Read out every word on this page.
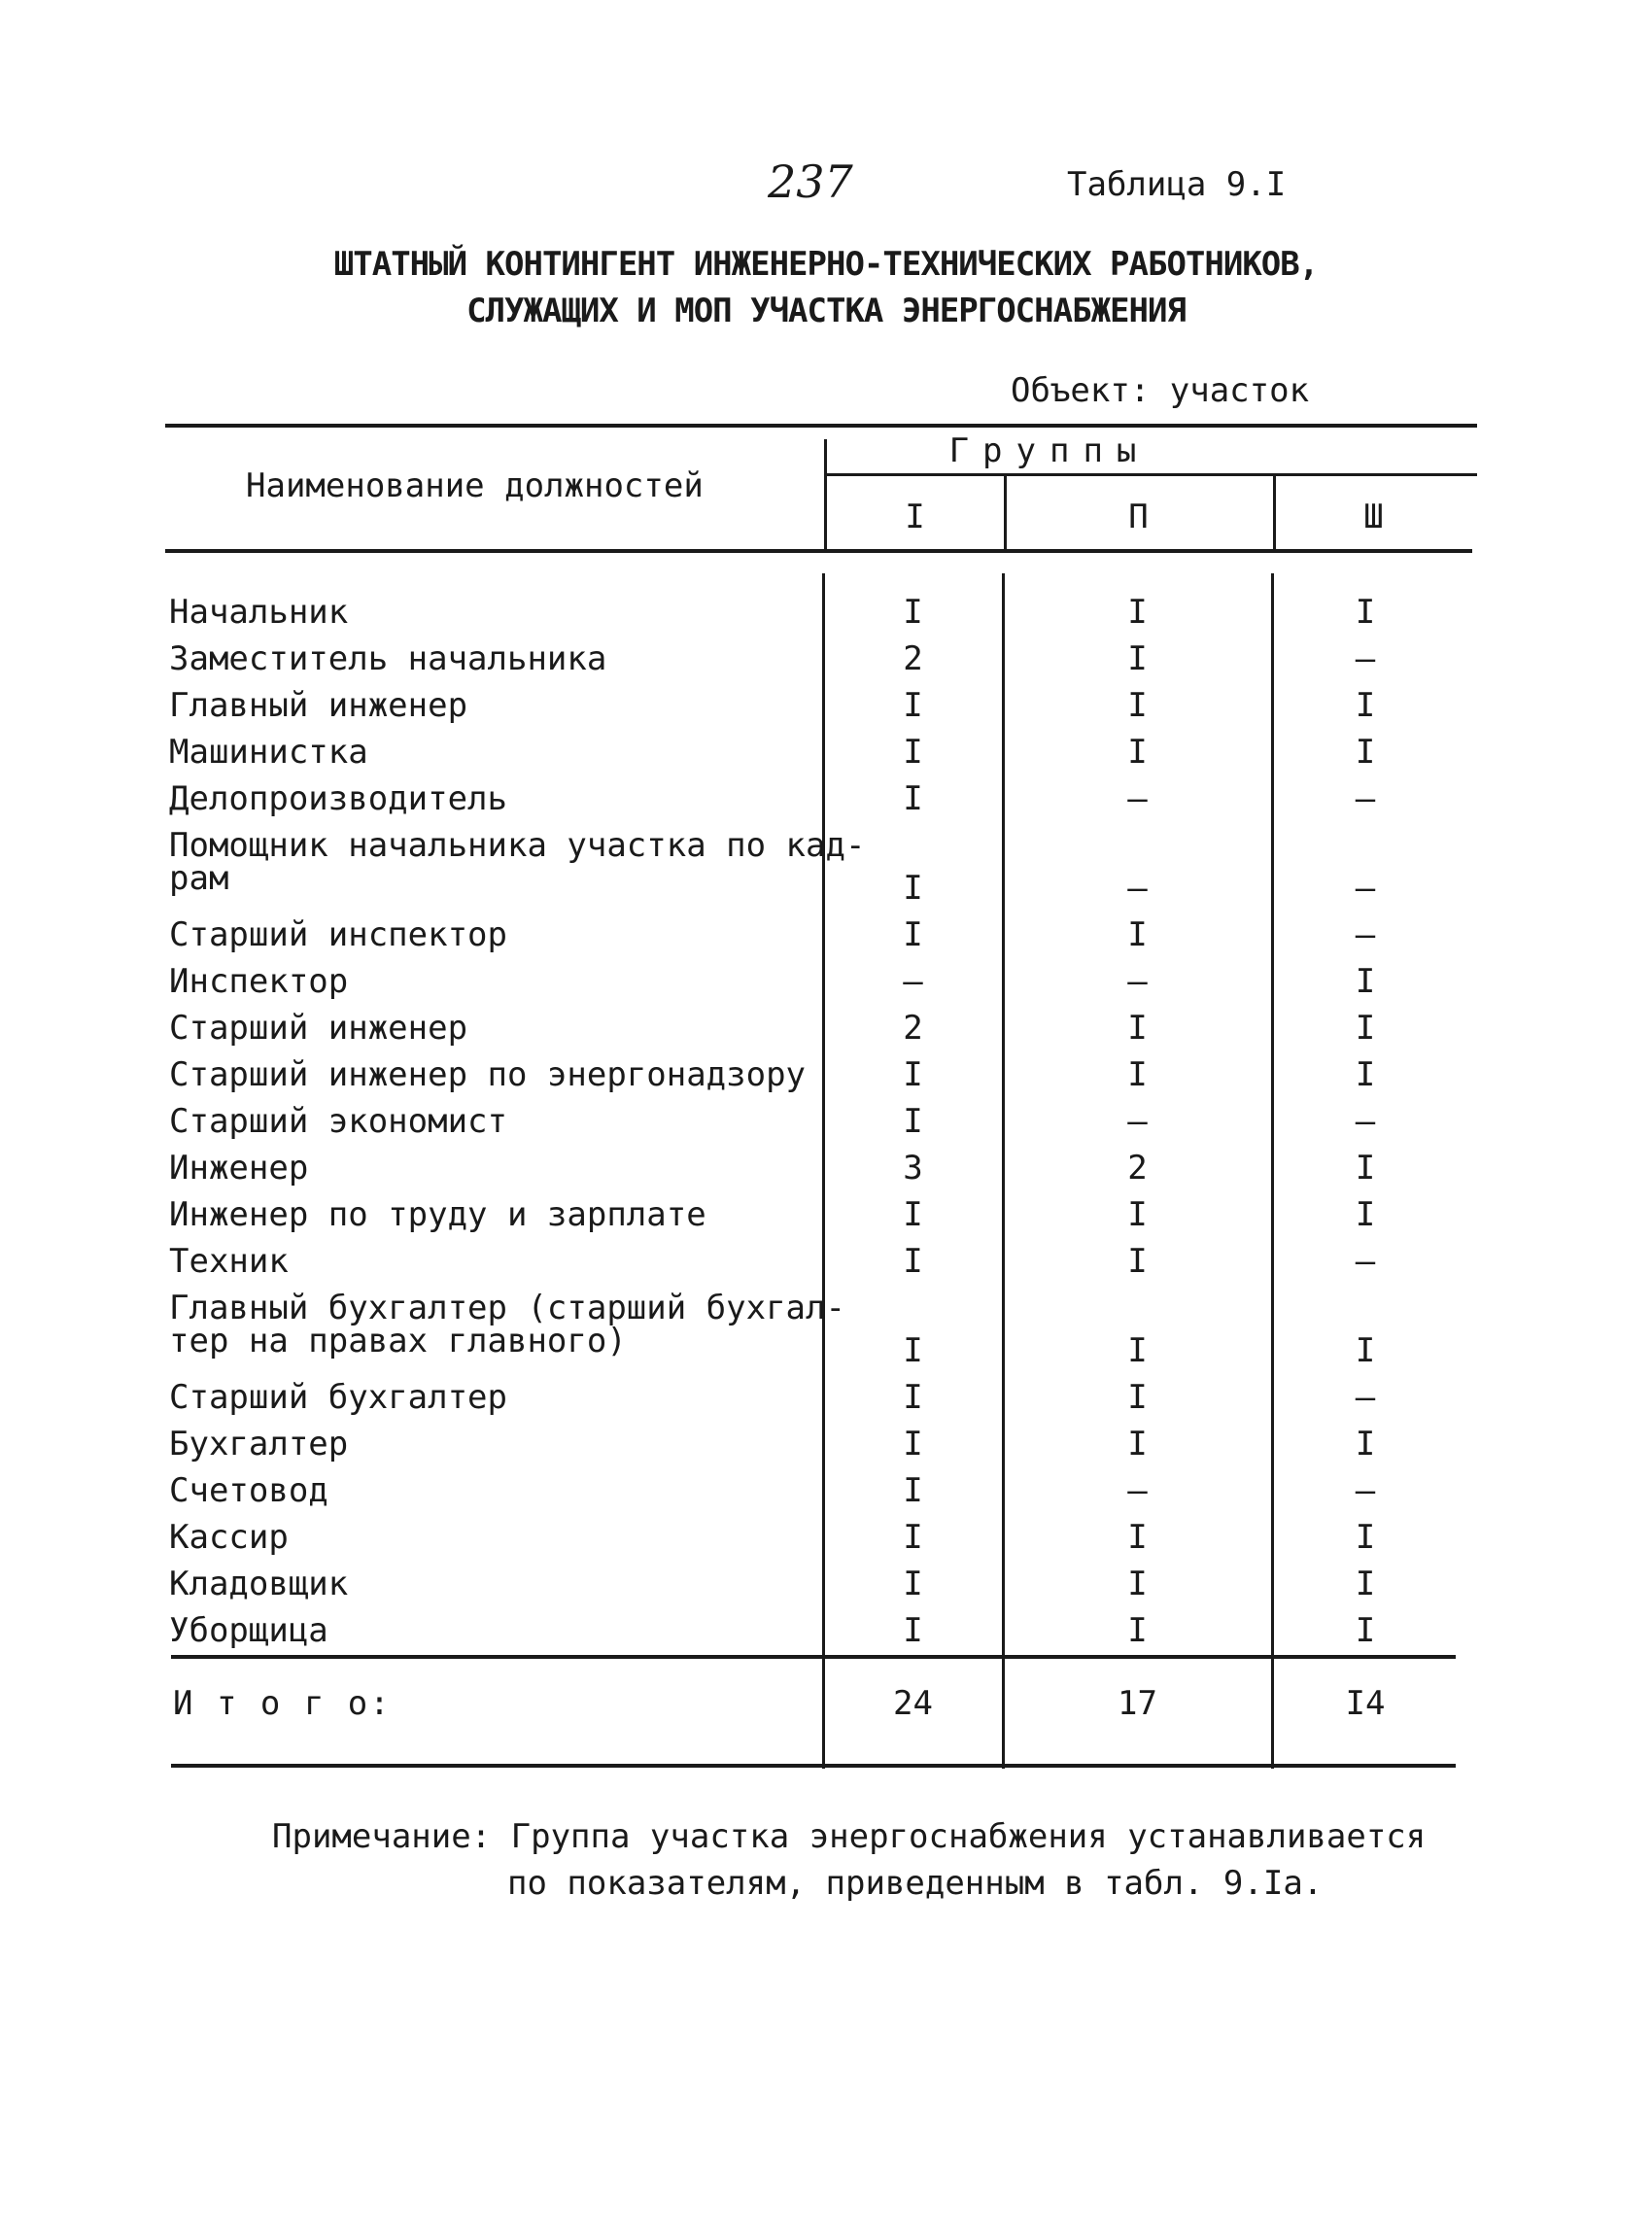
237	Таблица 9.I
ШТАТНЫЙ КОНТИНГЕНТ ИНЖЕНЕРНО-ТЕХНИЧЕСКИХ РАБОТНИКОВ,
СЛУЖАЩИХ И МОП УЧАСТКА ЭНЕРГОСНАБЖЕНИЯ
Объект: участок
Наименование должностей
Группы
I	П	Ш
Начальник	I	I	I
Заместитель начальника	2	I	–
Главный инженер	I	I	I
Машинистка	I	I	I
Делопроизводитель	I	–	–
Помощник начальника участка по кад-
рам	I	–	–
Старший инспектор	I	I	–
Инспектор	–	–	I
Старший инженер	2	I	I
Старший инженер по энергонадзору	I	I	I
Старший экономист	I	–	–
Инженер	3	2	I
Инженер по труду и зарплате	I	I	I
Техник	I	I	–
Главный бухгалтер (старший бухгал-
тер на правах главного)	I	I	I
Старший бухгалтер	I	I	–
Бухгалтер	I	I	I
Счетовод	I	–	–
Кассир	I	I	I
Кладовщик	I	I	I
Уборщица	I	I	I
И т о г о:	24	17	I4
Примечание: Группа участка энергоснабжения устанавливается
по показателям, приведенным в табл. 9.Iа.
